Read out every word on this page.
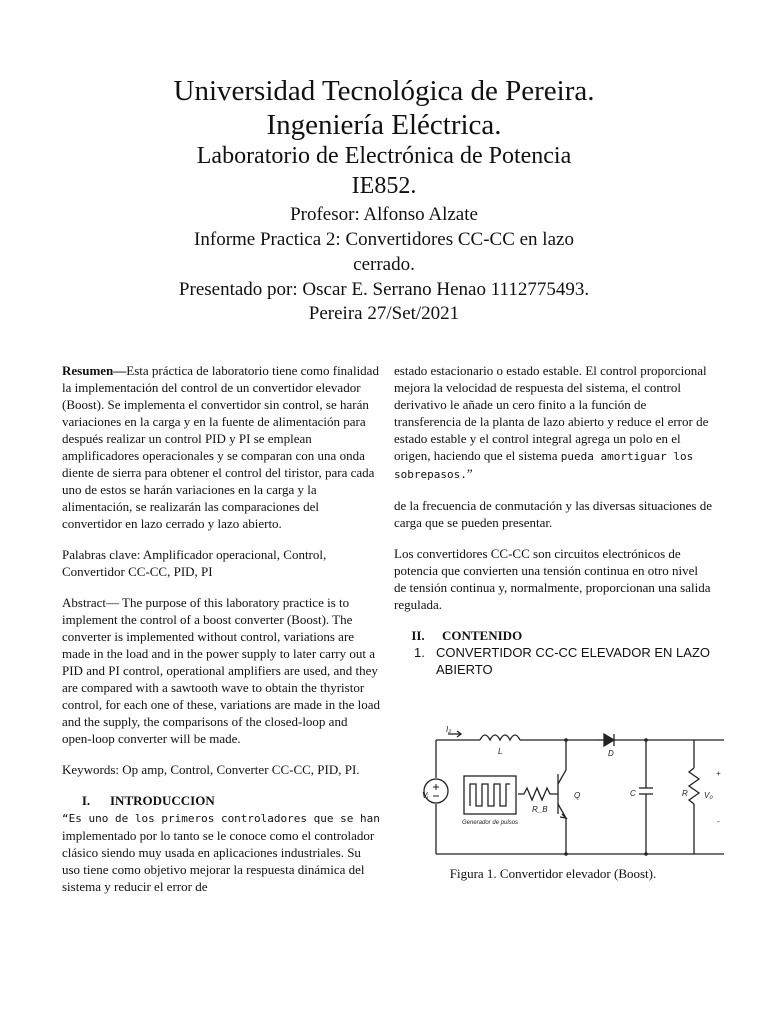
Universidad Tecnológica de Pereira.
Ingeniería Eléctrica.
Laboratorio de Electrónica de Potencia
IE852.
Profesor: Alfonso Alzate
Informe Practica 2: Convertidores CC-CC en lazo
cerrado.
Presentado por: Oscar E. Serrano Henao 1112775493.
Pereira 27/Set/2021

Resumen—Esta práctica de laboratorio tiene como finalidad la implementación del control de un convertidor elevador (Boost). Se implementa el convertidor sin control, se harán variaciones en la carga y en la fuente de alimentación para después realizar un control PID y PI se emplean amplificadores operacionales y se comparan con una onda diente de sierra para obtener el control del tiristor, para cada uno de estos se harán variaciones en la carga y la alimentación, se realizarán las comparaciones del convertidor en lazo cerrado y lazo abierto.

Palabras clave: Amplificador operacional, Control, Convertidor CC-CC, PID, PI

Abstract— The purpose of this laboratory practice is to implement the control of a boost converter (Boost). The converter is implemented without control, variations are made in the load and in the power supply to later carry out a PID and PI control, operational amplifiers are used, and they are compared with a sawtooth wave to obtain the thyristor control, for each one of these, variations are made in the load and the supply, the comparisons of the closed-loop and open-loop converter will be made.

Keywords: Op amp, Control, Converter CC-CC, PID, PI.

I. INTRODUCCION

“Es uno de los primeros controladores que se han
implementado por lo tanto se le conoce como el controlador clásico siendo muy usada en aplicaciones industriales. Su uso tiene como objetivo mejorar la respuesta dinámica del sistema y reducir el error de

estado estacionario o estado estable. El control proporcional mejora la velocidad de respuesta del sistema, el control derivativo le añade un cero finito a la función de transferencia de la planta de lazo abierto y reduce el error de estado estable y el control integral agrega un polo en el origen, haciendo que el sistema pueda amortiguar los sobrepasos.”

de la frecuencia de conmutación y las diversas situaciones de carga que se pueden presentar.

Los convertidores CC-CC son circuitos electrónicos de potencia que convierten una tensión continua en otro nivel de tensión continua y, normalmente, proporcionan una salida regulada.

II. CONTENIDO

1. CONVERTIDOR CC-CC ELEVADOR EN LAZO ABIERTO
I₂
L	D
Vᵢ	Q
R_B
C	R V₀
+
-
Generador de pulsos
Figura 1. Convertidor elevador (Boost).
